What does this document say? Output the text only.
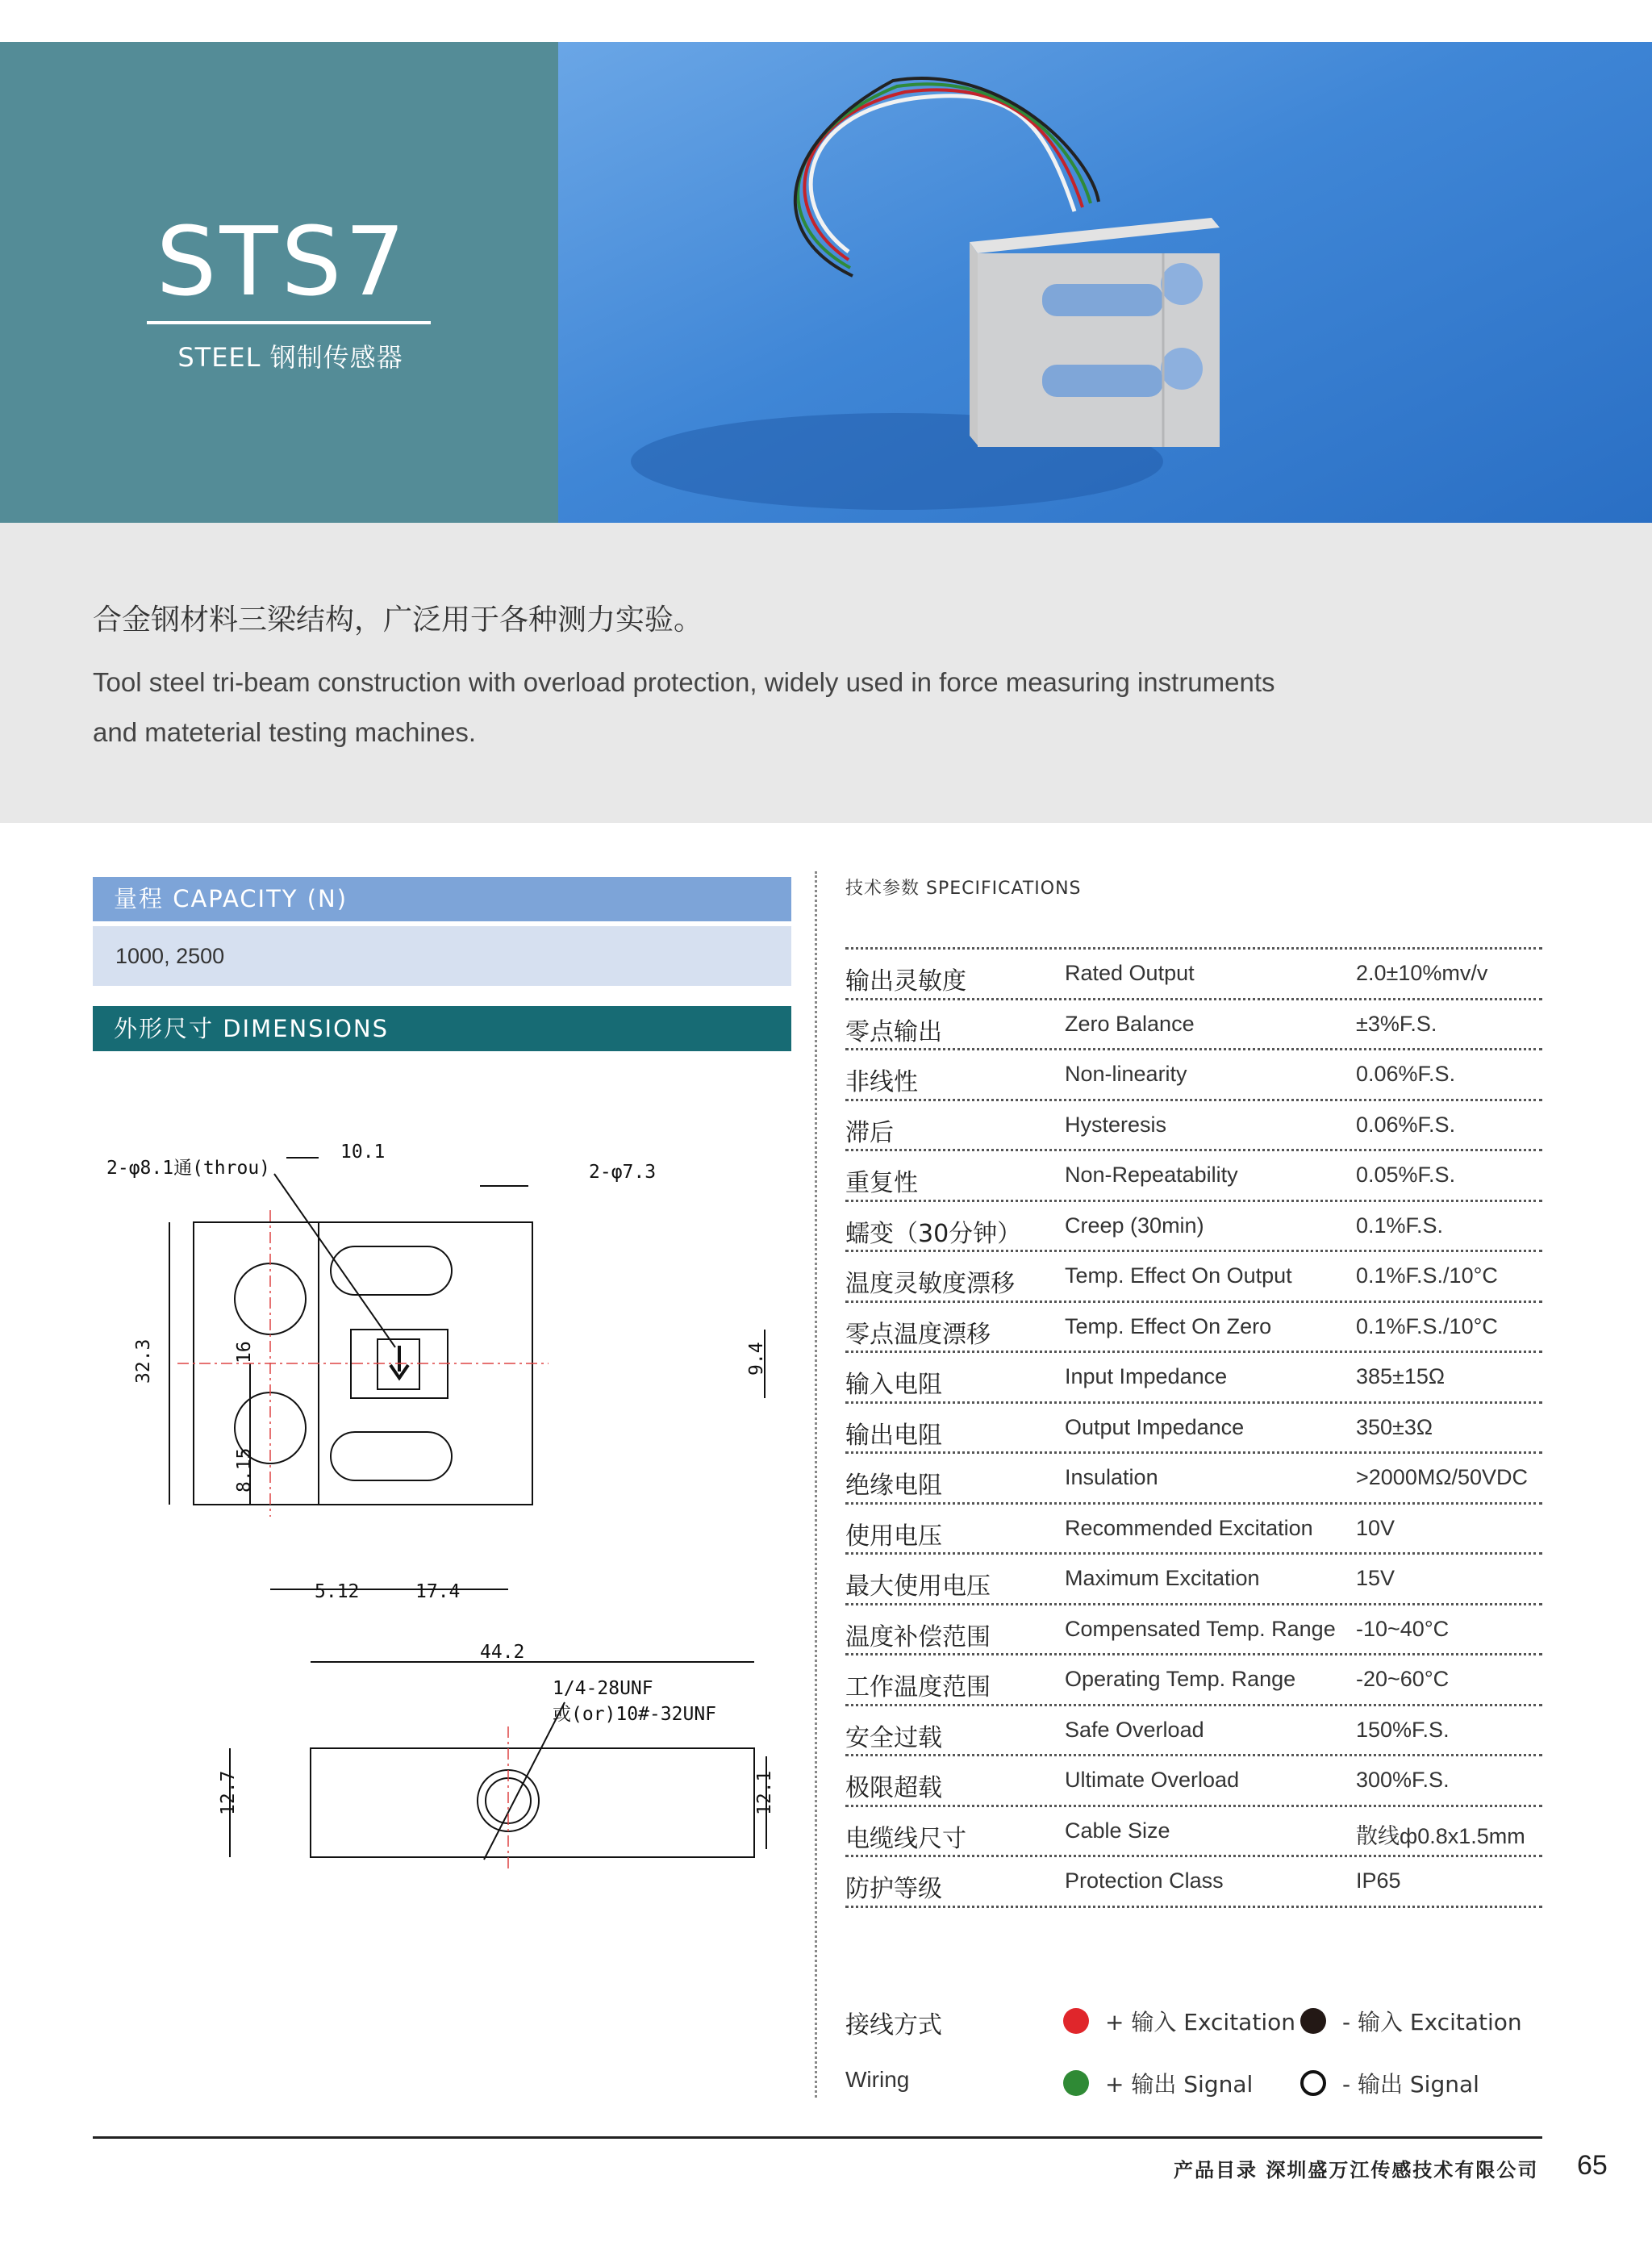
STS7
STEEL 钢制传感器
合金钢材料三梁结构，广泛用于各种测力实验。
Tool steel tri-beam construction with overload protection, widely used in force measuring instruments
and mateterial testing machines.
量程 CAPACITY (N)
1000, 2500
外形尺寸 DIMENSIONS
2-φ8.1通(throu)
10.1
2-φ7.3
32.3	16
8.15
9.4
5.12	17.4
44.2
1/4-28UNF
或(or)10#-32UNF
12.7	12.1
技术参数 SPECIFICATIONS
输出灵敏度	Rated Output	2.0±10%mv/v
零点输出	Zero Balance	±3%F.S.
非线性	Non-linearity	0.06%F.S.
滞后	Hysteresis	0.06%F.S.
重复性	Non-Repeatability	0.05%F.S.
蠕变（30分钟） Creep (30min)	0.1%F.S.
温度灵敏度漂移 Temp. Effect On Output	0.1%F.S./10°C
零点温度漂移	Temp. Effect On Zero	0.1%F.S./10°C
输入电阻	Input Impedance	385±15Ω
输出电阻	Output Impedance	350±3Ω
绝缘电阻	Insulation	>2000MΩ/50VDC
使用电压	Recommended Excitation 10V
最大使用电压	Maximum Excitation	15V
温度补偿范围	Compensated Temp. Range -10~40°C
工作温度范围	Operating Temp. Range	-20~60°C
安全过载	Safe Overload	150%F.S.
极限超载	Ultimate Overload	300%F.S.
电缆线尺寸	Cable Size	散线ф0.8x1.5mm
防护等级	Protection Class	IP65
接线方式
Wiring
+ 输入 Excitation - 输入 Excitation
+ 输出 Signal	- 输出 Signal
产品目录 深圳盛万江传感技术有限公司 65
